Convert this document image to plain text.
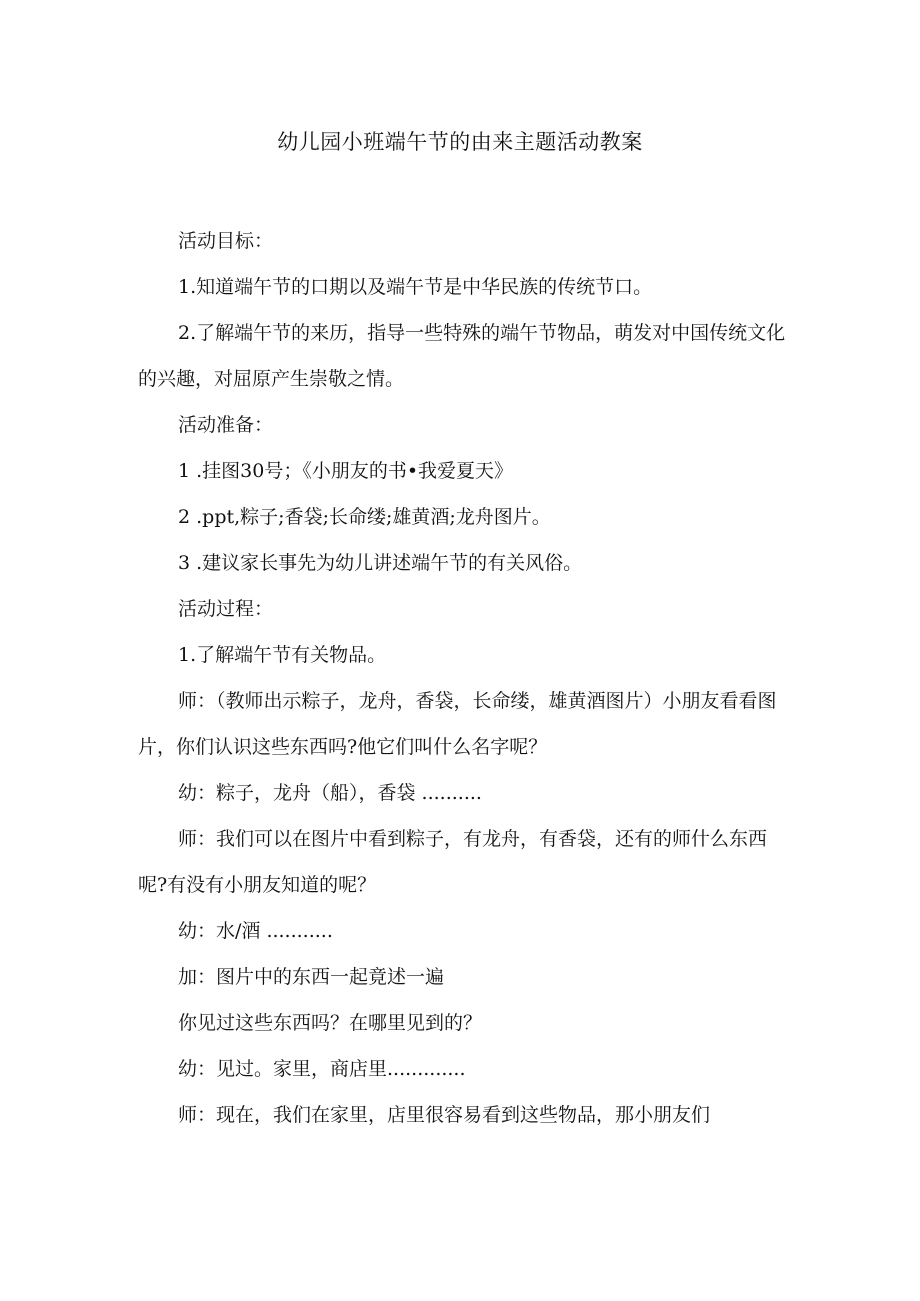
幼儿园小班端午节的由来主题活动教案

活动目标：

1.知道端午节的口期以及端午节是中华民族的传统节口。

2.了解端午节的来历，指导一些特殊的端午节物品，萌发对中国传统文化的兴趣，对屈原产生崇敬之情。

活动准备：

1 .挂图30号；《小朋友的书•我爱夏天》

2 .ppt,粽子;香袋;长命缕;雄黄酒;龙舟图片。

3 .建议家长事先为幼儿讲述端午节的有关风俗。

活动过程：

1.了解端午节有关物品。

师：（教师出示粽子，龙舟，香袋，长命缕，雄黄酒图片）小朋友看看图片，你们认识这些东西吗?他它们叫什么名字呢？

幼：粽子，龙舟（船），香袋 ..........

师：我们可以在图片中看到粽子，有龙舟，有香袋，还有的师什么东西呢?有没有小朋友知道的呢？

幼：水/酒 ...........

加：图片中的东西一起竟述一遍

你见过这些东西吗？在哪里见到的？

幼：见过。家里，商店里.............

师：现在，我们在家里，店里很容易看到这些物品，那小朋友们
